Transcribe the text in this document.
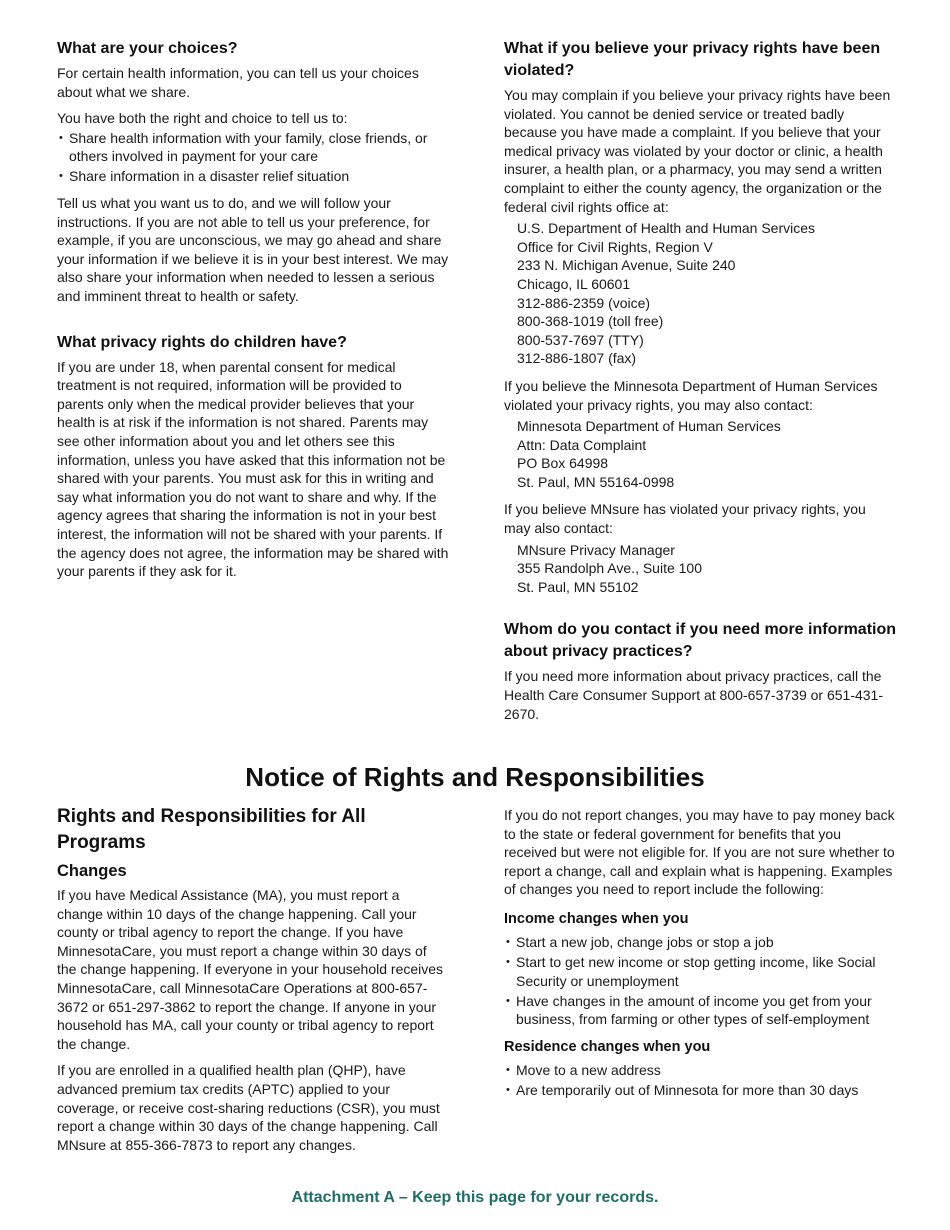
What are your choices?

For certain health information, you can tell us your choices about what we share.

You have both the right and choice to tell us to:

• Share health information with your family, close friends, or others involved in payment for your care
• Share information in a disaster relief situation

Tell us what you want us to do, and we will follow your instructions. If you are not able to tell us your preference, for example, if you are unconscious, we may go ahead and share your information if we believe it is in your best interest. We may also share your information when needed to lessen a serious and imminent threat to health or safety.

What privacy rights do children have?

If you are under 18, when parental consent for medical treatment is not required, information will be provided to parents only when the medical provider believes that your health is at risk if the information is not shared. Parents may see other information about you and let others see this information, unless you have asked that this information not be shared with your parents. You must ask for this in writing and say what information you do not want to share and why. If the agency agrees that sharing the information is not in your best interest, the information will not be shared with your parents. If the agency does not agree, the information may be shared with your parents if they ask for it.

What if you believe your privacy rights have been violated?

You may complain if you believe your privacy rights have been violated. You cannot be denied service or treated badly because you have made a complaint. If you believe that your medical privacy was violated by your doctor or clinic, a health insurer, a health plan, or a pharmacy, you may send a written complaint to either the county agency, the organization or the federal civil rights office at:

U.S. Department of Health and Human Services
Office for Civil Rights, Region V
233 N. Michigan Avenue, Suite 240
Chicago, IL 60601
312-886-2359 (voice)
800-368-1019 (toll free)
800-537-7697 (TTY)
312-886-1807 (fax)

If you believe the Minnesota Department of Human Services violated your privacy rights, you may also contact:

Minnesota Department of Human Services
Attn: Data Complaint
PO Box 64998
St. Paul, MN 55164-0998

If you believe MNsure has violated your privacy rights, you may also contact:

MNsure Privacy Manager
355 Randolph Ave., Suite 100
St. Paul, MN 55102
Whom do you contact if you need more information about privacy practices?

If you need more information about privacy practices, call the Health Care Consumer Support at 800-657-3739 or 651-431-2670.

Notice of Rights and Responsibilities
Rights and Responsibilities for All Programs
Changes

If you have Medical Assistance (MA), you must report a change within 10 days of the change happening. Call your county or tribal agency to report the change. If you have MinnesotaCare, you must report a change within 30 days of the change happening. If everyone in your household receives MinnesotaCare, call MinnesotaCare Operations at 800-657-3672 or 651-297-3862 to report the change. If anyone in your household has MA, call your county or tribal agency to report the change.

If you are enrolled in a qualified health plan (QHP), have advanced premium tax credits (APTC) applied to your coverage, or receive cost-sharing reductions (CSR), you must report a change within 30 days of the change happening. Call MNsure at 855-366-7873 to report any changes.

If you do not report changes, you may have to pay money back to the state or federal government for benefits that you received but were not eligible for. If you are not sure whether to report a change, call and explain what is happening. Examples of changes you need to report include the following:

Income changes when you
• Start a new job, change jobs or stop a job
• Start to get new income or stop getting income, like Social Security or unemployment
• Have changes in the amount of income you get from your business, from farming or other types of self-employment
Residence changes when you
• Move to a new address
• Are temporarily out of Minnesota for more than 30 days
Attachment A – Keep this page for your records.
